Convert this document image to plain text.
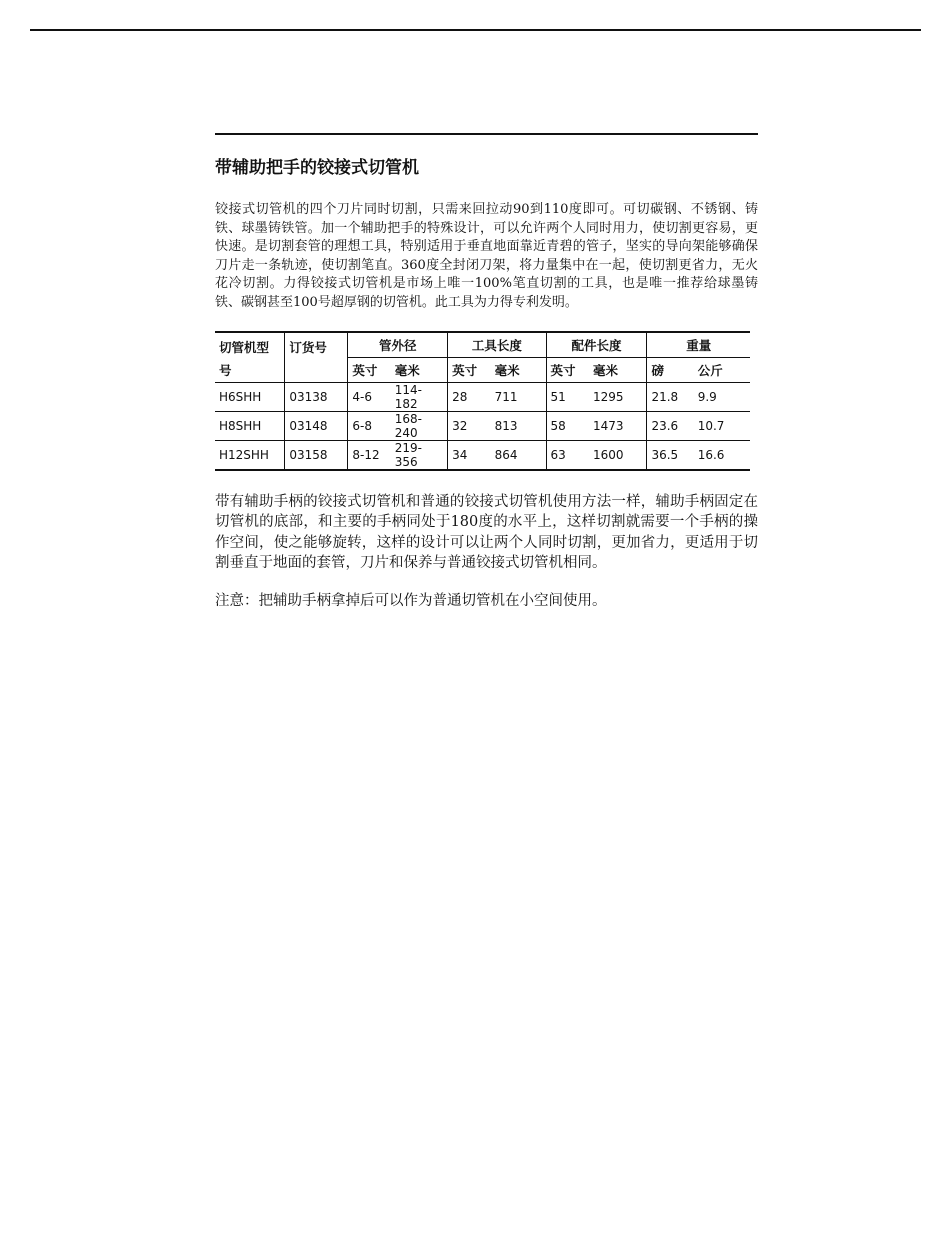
带辅助把手的铰接式切管机

铰接式切管机的四个刀片同时切割，只需来回拉动90到110度即可。可切碳钢、不锈钢、铸铁、球墨铸铁管。加一个辅助把手的特殊设计，可以允许两个人同时用力，使切割更容易，更快速。是切割套管的理想工具，特别适用于垂直地面靠近青碧的管子，坚实的导向架能够确保刀片走一条轨迹，使切割笔直。360度全封闭刀架，将力量集中在一起，使切割更省力，无火花冷切割。力得铰接式切管机是市场上唯一100%笔直切割的工具，也是唯一推荐给球墨铸铁、碳钢甚至100号超厚钢的切管机。此工具为力得专利发明。

切管机型号	订货号	管外径		工具长度		配件长度		重量	
		英寸	毫米	英寸	毫米	英寸	毫米	磅	公斤
H6SHH	03138	4-6	114-182	28	711	51	1295	21.8	9.9
H8SHH	03148	6-8	168-240	32	813	58	1473	23.6	10.7
H12SHH	03158	8-12	219-356	34	864	63	1600	36.5	16.6

带有辅助手柄的铰接式切管机和普通的铰接式切管机使用方法一样，辅助手柄固定在切管机的底部，和主要的手柄同处于180度的水平上，这样切割就需要一个手柄的操作空间，使之能够旋转，这样的设计可以让两个人同时切割，更加省力，更适用于切割垂直于地面的套管，刀片和保养与普通铰接式切管机相同。

注意：把辅助手柄拿掉后可以作为普通切管机在小空间使用。
